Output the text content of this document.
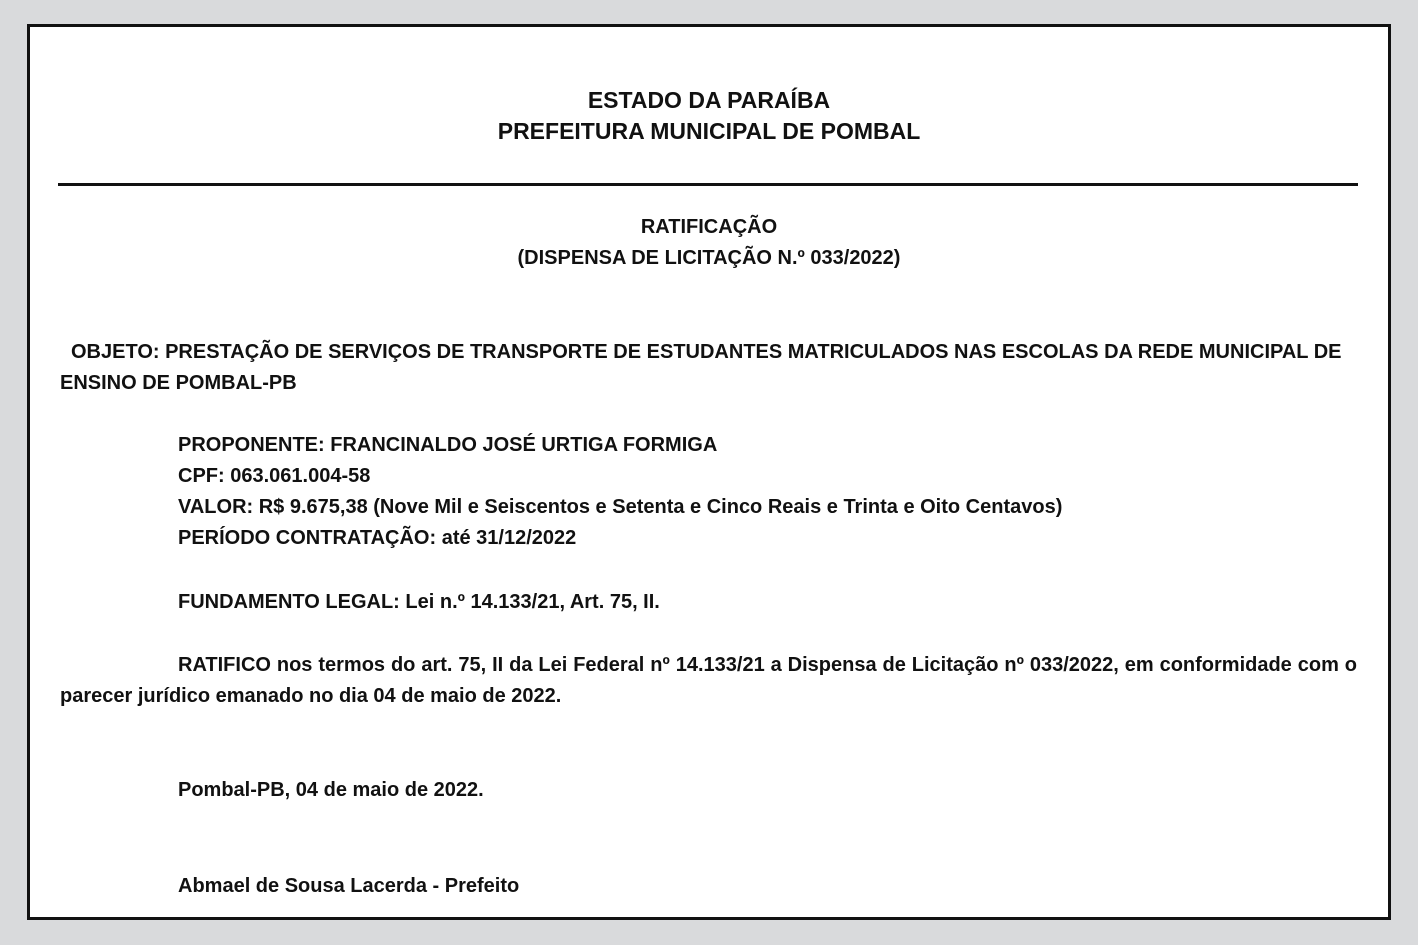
ESTADO DA PARAÍBA
PREFEITURA MUNICIPAL DE POMBAL
RATIFICAÇÃO
(DISPENSA DE LICITAÇÃO N.º 033/2022)
OBJETO: PRESTAÇÃO DE SERVIÇOS DE TRANSPORTE DE ESTUDANTES MATRICULADOS NAS ESCOLAS DA REDE MUNICIPAL DE
ENSINO DE POMBAL-PB
PROPONENTE: FRANCINALDO JOSÉ URTIGA FORMIGA
CPF: 063.061.004-58
VALOR: R$ 9.675,38 (Nove Mil e Seiscentos e Setenta e Cinco Reais e Trinta e Oito Centavos)
PERÍODO CONTRATAÇÃO: até 31/12/2022
FUNDAMENTO LEGAL: Lei n.º 14.133/21, Art. 75, II.
RATIFICO nos termos do art. 75, II da Lei Federal nº 14.133/21 a Dispensa de Licitação nº 033/2022, em conformidade com o parecer jurídico emanado no dia 04 de maio de 2022.
Pombal-PB, 04 de maio de 2022.
Abmael de Sousa Lacerda - Prefeito
